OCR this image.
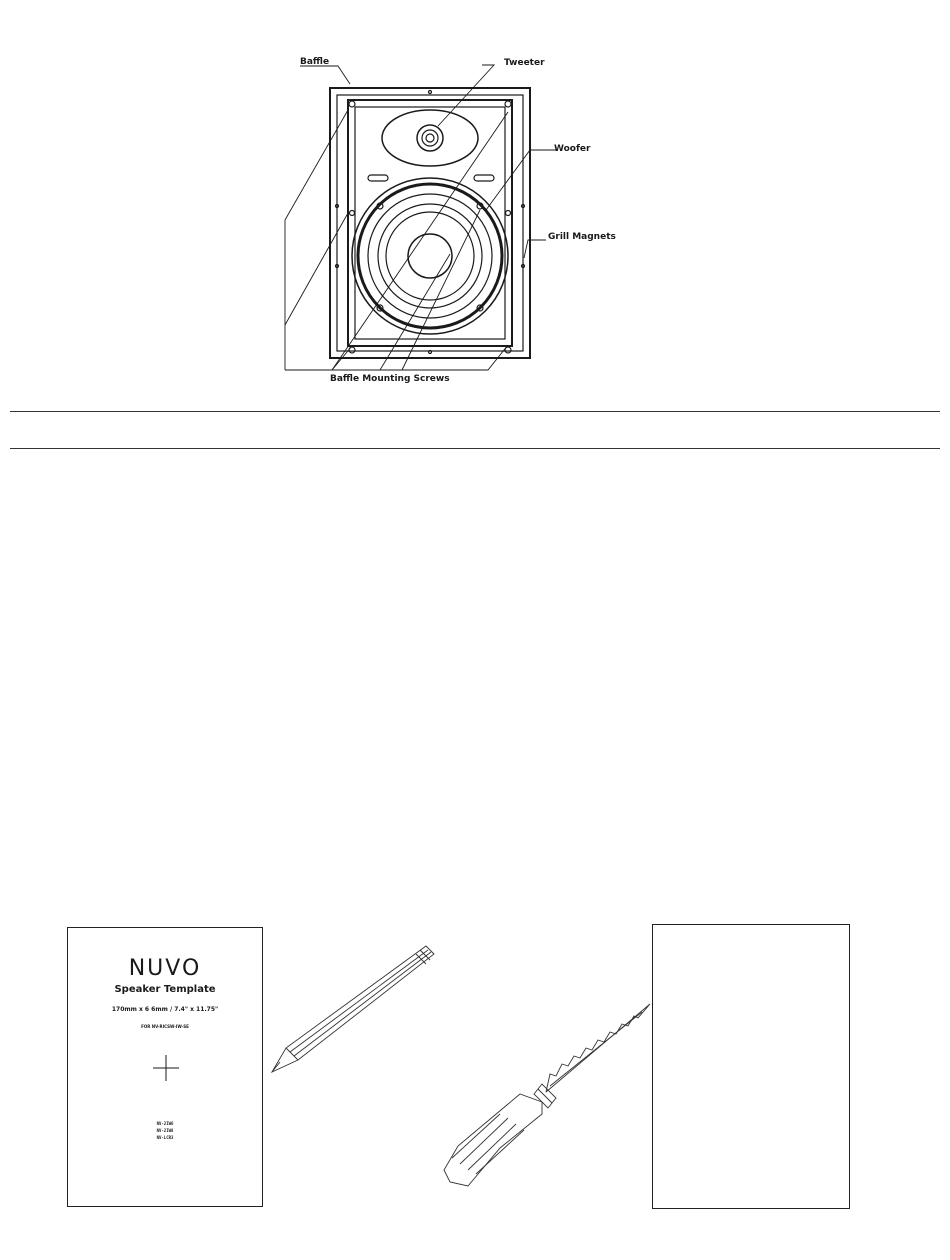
Baffle	Tweeter
Woofer
Grill Magnets
Baffle Mounting Screws
NUVO
Speaker Template
170mm x 6 6mm / 7.4" x 11.75"
FOR NV-RICSW-IW-SE
NV-2IW6
NV-2IW8
NV-LCR3
